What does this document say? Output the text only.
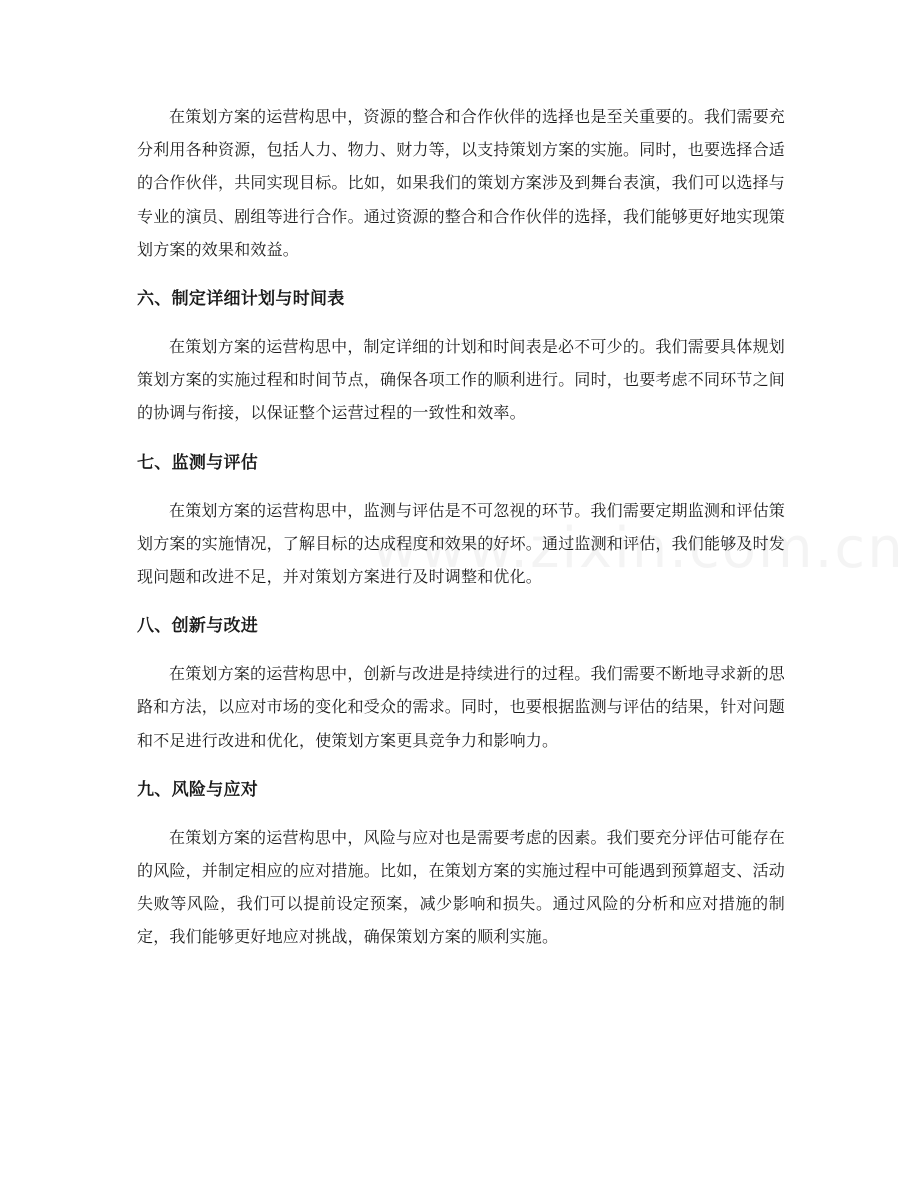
在策划方案的运营构思中，资源的整合和合作伙伴的选择也是至关重要的。我们需要充分利用各种资源，包括人力、物力、财力等，以支持策划方案的实施。同时，也要选择合适的合作伙伴，共同实现目标。比如，如果我们的策划方案涉及到舞台表演，我们可以选择与专业的演员、剧组等进行合作。通过资源的整合和合作伙伴的选择，我们能够更好地实现策划方案的效果和效益。

六、制定详细计划与时间表

在策划方案的运营构思中，制定详细的计划和时间表是必不可少的。我们需要具体规划策划方案的实施过程和时间节点，确保各项工作的顺利进行。同时，也要考虑不同环节之间的协调与衔接，以保证整个运营过程的一致性和效率。

七、监测与评估

在策划方案的运营构思中，监测与评估是不可忽视的环节。我们需要定期监测和评估策划方案的实施情况，了解目标的达成程度和效果的好坏。通过监测和评估，我们能够及时发现问题和改进不足，并对策划方案进行及时调整和优化。

八、创新与改进

在策划方案的运营构思中，创新与改进是持续进行的过程。我们需要不断地寻求新的思路和方法，以应对市场的变化和受众的需求。同时，也要根据监测与评估的结果，针对问题和不足进行改进和优化，使策划方案更具竞争力和影响力。

九、风险与应对

在策划方案的运营构思中，风险与应对也是需要考虑的因素。我们要充分评估可能存在的风险，并制定相应的应对措施。比如，在策划方案的实施过程中可能遇到预算超支、活动失败等风险，我们可以提前设定预案，减少影响和损失。通过风险的分析和应对措施的制定，我们能够更好地应对挑战，确保策划方案的顺利实施。
